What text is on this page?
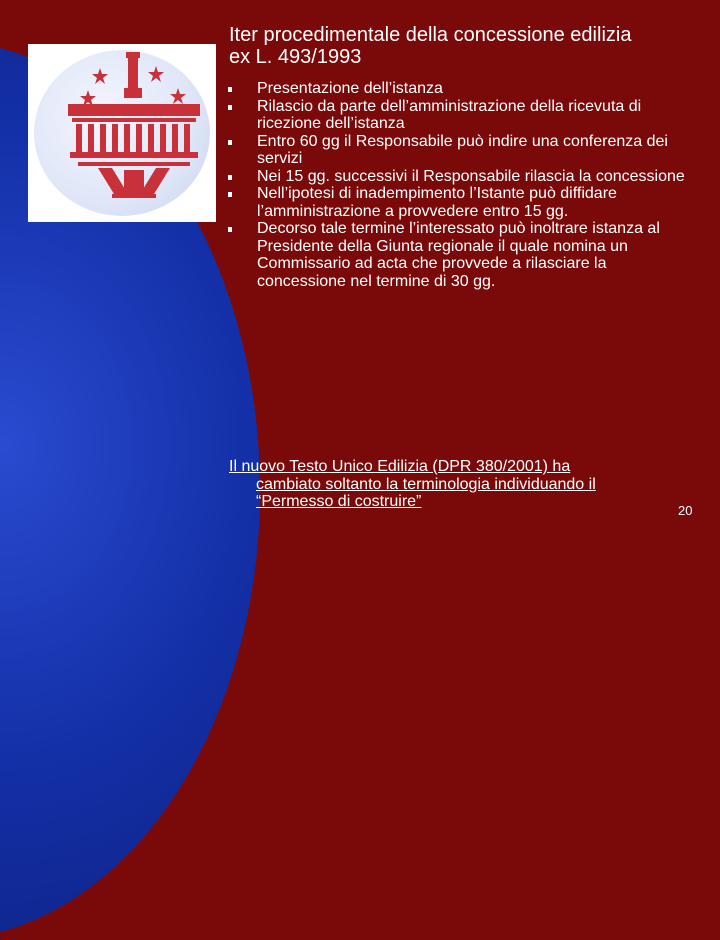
Iter procedimentale della concessione edilizia ex L. 493/1993
Presentazione dell’istanza
Rilascio da parte dell’amministrazione della ricevuta di ricezione dell’istanza
Entro 60 gg il Responsabile può indire una conferenza dei servizi
Nei 15 gg. successivi il Responsabile rilascia la concessione
Nell’ipotesi di inadempimento l’Istante può diffidare l’amministrazione a provvedere entro 15 gg.
Decorso tale termine l’interessato può inoltrare istanza al Presidente della Giunta regionale il quale nomina un Commissario ad acta che provvede a rilasciare la concessione nel termine di 30 gg.
Il nuovo Testo Unico Edilizia (DPR 380/2001) ha
cambiato soltanto la terminologia individuando il
“Permesso di costruire”
20
